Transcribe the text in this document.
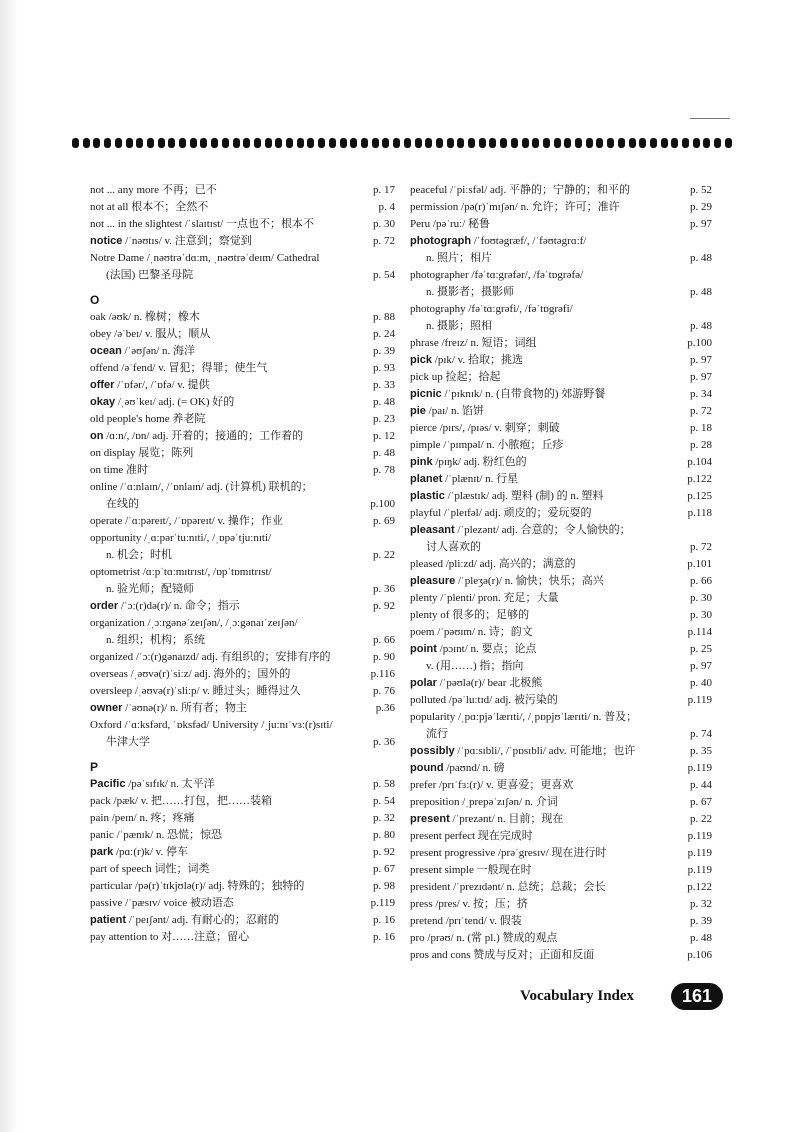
not ... any more 不再；已不	p. 17
not at all 根本不；全然不	p. 4
not ... in the slightest /ˈslaɪtɪst/ 一点也不；根本不	p. 30
notice /ˈnəʊtɪs/ v. 注意到；察觉到	p. 72
Notre Dame /ˌnəʊtrəˈdɑːm, ˌnəʊtrəˈdeɪm/ Cathedral
(法国) 巴黎圣母院	p. 54
O
oak /əʊk/ n. 橡树；橡木	p. 88
obey /əˈbeɪ/ v. 服从；顺从	p. 24
ocean /ˈəʊʃən/ n. 海洋	p. 39
offend /əˈfend/ v. 冒犯；得罪；使生气	p. 93
offer /ˈɒfər/, /ˈɒfə/ v. 提供	p. 33
okay /ˌəʊˈkeɪ/ adj. (= OK) 好的	p. 48
old people's home 养老院	p. 23
on /ɑːn/, /ɒn/ adj. 开着的；接通的；工作着的	p. 12
on display 展览；陈列	p. 48
on time 准时	p. 78
online /ˈɑːnlaɪn/, /ˈɒnlaɪn/ adj. (计算机) 联机的；
在线的	p.100
operate /ˈɑːpəreɪt/, /ˈɒpəreɪt/ v. 操作；作业	p. 69
opportunity /ˌɑːpərˈtuːnɪti/, /ˌɒpəˈtjuːnɪti/
n. 机会；时机	p. 22
optometrist /ɑːpˈtɑːmɪtrɪst/, /ɒpˈtɒmɪtrɪst/
n. 验光师；配镜师	p. 36
order /ˈɔː(r)də(r)/ n. 命令；指示	p. 92
organization /ˌɔːrgənəˈzeɪʃən/, /ˌɔːgənaɪˈzeɪʃən/
n. 组织；机构；系统	p. 66
organized /ˈɔː(r)gənaɪzd/ adj. 有组织的；安排有序的	p. 90
overseas /ˌəʊvə(r)ˈsiːz/ adj. 海外的；国外的	p.116
oversleep /ˌəʊvə(r)ˈsliːp/ v. 睡过头；睡得过久	p. 76
owner /ˈəʊnə(r)/ n. 所有者；物主	p.36
Oxford /ˈɑːksfərd, ˈɒksfəd/ University /ˌjuːnɪˈvɜː(r)sɪti/
牛津大学	p. 36
P
Pacific /pəˈsɪfɪk/ n. 太平洋	p. 58
pack /pæk/ v. 把……打包，把……装箱	p. 54
pain /peɪn/ n. 疼；疼痛	p. 32
panic /ˈpænɪk/ n. 恐慌；惊恐	p. 80
park /pɑː(r)k/ v. 停车	p. 92
part of speech 词性；词类	p. 67
particular /pə(r)ˈtɪkjʊlə(r)/ adj. 特殊的；独特的	p. 98
passive /ˈpæsɪv/ voice 被动语态	p.119
patient /ˈpeɪʃənt/ adj. 有耐心的；忍耐的	p. 16
pay attention to 对……注意；留心	p. 16
peaceful /ˈpiːsfəl/ adj. 平静的；宁静的；和平的	p. 52
permission /pə(r)ˈmɪʃən/ n. 允许；许可；准许	p. 29
Peru /pəˈruː/ 秘鲁	p. 97
photograph /ˈfoʊtəgræf/, /ˈfəʊtəgrɑːf/
n. 照片；相片	p. 48
photographer /fəˈtɑːgrəfər/, /fəˈtɒgrəfə/
n. 摄影者；摄影师	p. 48
photography /fəˈtɑːgrəfi/, /fəˈtɒgrəfi/
n. 摄影；照相	p. 48
phrase /freɪz/ n. 短语；词组	p.100
pick /pɪk/ v. 拾取；挑选	p. 97
pick up 捡起；拾起	p. 97
picnic /ˈpɪknɪk/ n. (自带食物的) 郊游野餐	p. 34
pie /paɪ/ n. 馅饼	p. 72
pierce /pɪrs/, /pɪəs/ v. 刺穿；刺破	p. 18
pimple /ˈpɪmpəl/ n. 小脓疱；丘疹	p. 28
pink /pɪŋk/ adj. 粉红色的	p.104
planet /ˈplænɪt/ n. 行星	p.122
plastic /ˈplæstɪk/ adj. 塑料 (制) 的 n. 塑料	p.125
playful /ˈpleɪfəl/ adj. 顽皮的；爱玩耍的	p.118
pleasant /ˈplezənt/ adj. 合意的；令人愉快的；
讨人喜欢的	p. 72
pleased /pliːzd/ adj. 高兴的；满意的	p.101
pleasure /ˈpleʒə(r)/ n. 愉快；快乐；高兴	p. 66
plenty /ˈplenti/ pron. 充足；大量	p. 30
plenty of 很多的；足够的	p. 30
poem /ˈpəʊɪm/ n. 诗；韵文	p.114
point /pɔɪnt/ n. 要点；论点	p. 25
v. (用……) 指；指向	p. 97
polar /ˈpəʊlə(r)/ bear 北极熊	p. 40
polluted /pəˈluːtɪd/ adj. 被污染的	p.119
popularity /ˌpɑːpjəˈlærɪti/, /ˌpɒpjʊˈlærɪti/ n. 普及；
流行	p. 74
possibly /ˈpɑːsɪbli/, /ˈpɒsɪbli/ adv. 可能地；也许	p. 35
pound /paʊnd/ n. 磅	p.119
prefer /prɪˈfɜː(r)/ v. 更喜爱；更喜欢	p. 44
preposition /ˌprepəˈzɪʃən/ n. 介词	p. 67
present /ˈprezənt/ n. 目前；现在	p. 22
present perfect 现在完成时	p.119
present progressive /prəˈgresɪv/ 现在进行时	p.119
present simple 一般现在时	p.119
president /ˈprezɪdənt/ n. 总统；总裁；会长	p.122
press /pres/ v. 按；压；挤	p. 32
pretend /prɪˈtend/ v. 假装	p. 39
pro /prəʊ/ n. (常 pl.) 赞成的观点	p. 48
pros and cons 赞成与反对；正面和反面	p.106
Vocabulary Index	161
